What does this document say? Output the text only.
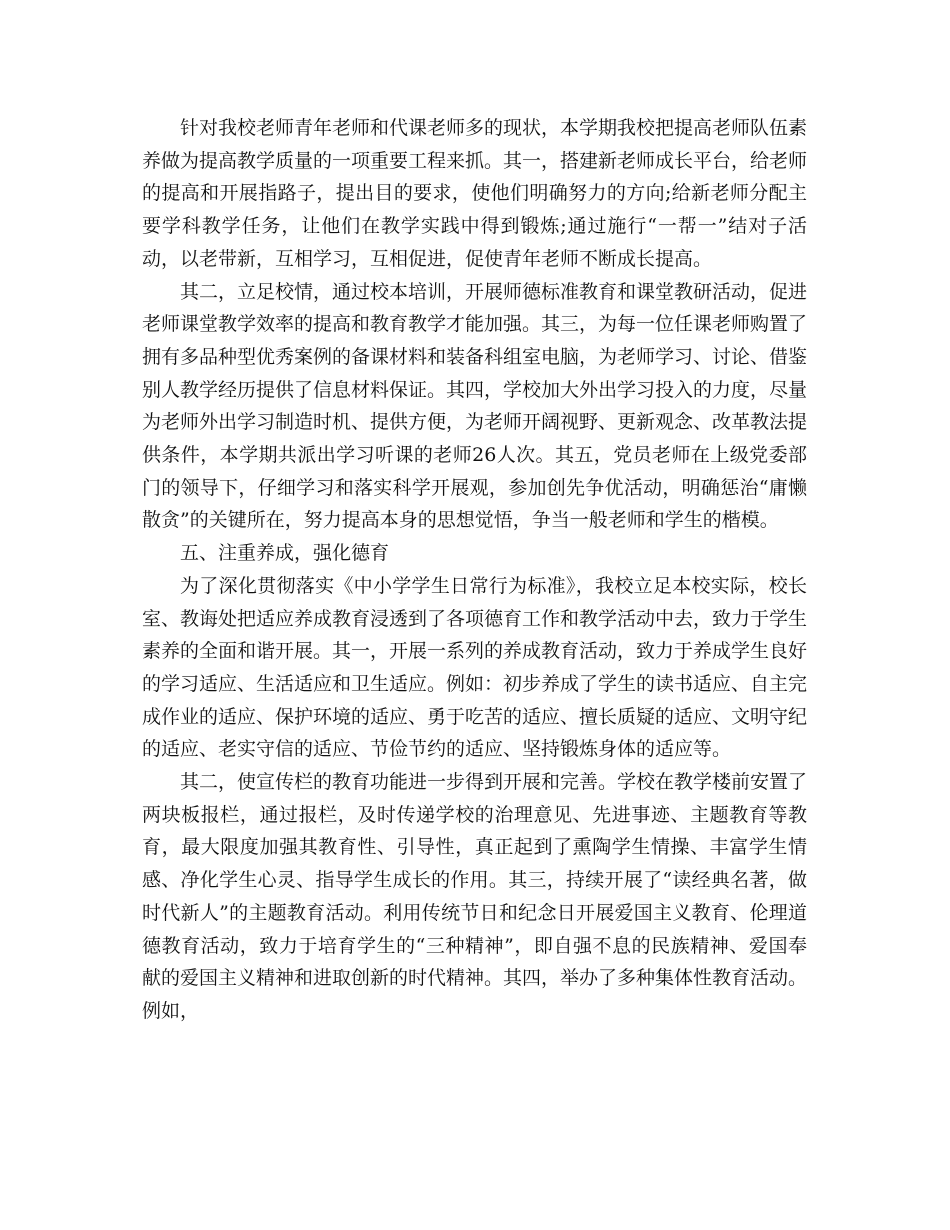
针对我校老师青年老师和代课老师多的现状，本学期我校把提高老师队伍素养做为提高教学质量的一项重要工程来抓。其一，搭建新老师成长平台，给老师的提高和开展指路子，提出目的要求，使他们明确努力的方向;给新老师分配主要学科教学任务，让他们在教学实践中得到锻炼;通过施行“一帮一”结对子活动，以老带新，互相学习，互相促进，促使青年老师不断成长提高。

其二，立足校情，通过校本培训，开展师德标准教育和课堂教研活动，促进老师课堂教学效率的提高和教育教学才能加强。其三，为每一位任课老师购置了拥有多品种型优秀案例的备课材料和装备科组室电脑，为老师学习、讨论、借鉴别人教学经历提供了信息材料保证。其四，学校加大外出学习投入的力度，尽量为老师外出学习制造时机、提供方便，为老师开阔视野、更新观念、改革教法提供条件，本学期共派出学习听课的老师26人次。其五，党员老师在上级党委部门的领导下，仔细学习和落实科学开展观，参加创先争优活动，明确惩治“庸懒散贪”的关键所在，努力提高本身的思想觉悟，争当一般老师和学生的楷模。

五、注重养成，强化德育

为了深化贯彻落实《中小学学生日常行为标准》，我校立足本校实际，校长室、教诲处把适应养成教育浸透到了各项德育工作和教学活动中去，致力于学生素养的全面和谐开展。其一，开展一系列的养成教育活动，致力于养成学生良好的学习适应、生活适应和卫生适应。例如：初步养成了学生的读书适应、自主完成作业的适应、保护环境的适应、勇于吃苦的适应、擅长质疑的适应、文明守纪的适应、老实守信的适应、节俭节约的适应、坚持锻炼身体的适应等。

其二，使宣传栏的教育功能进一步得到开展和完善。学校在教学楼前安置了两块板报栏，通过报栏，及时传递学校的治理意见、先进事迹、主题教育等教育，最大限度加强其教育性、引导性，真正起到了熏陶学生情操、丰富学生情感、净化学生心灵、指导学生成长的作用。其三，持续开展了“读经典名著，做时代新人”的主题教育活动。利用传统节日和纪念日开展爱国主义教育、伦理道德教育活动，致力于培育学生的“三种精神”，即自强不息的民族精神、爱国奉献的爱国主义精神和进取创新的时代精神。其四，举办了多种集体性教育活动。例如，
